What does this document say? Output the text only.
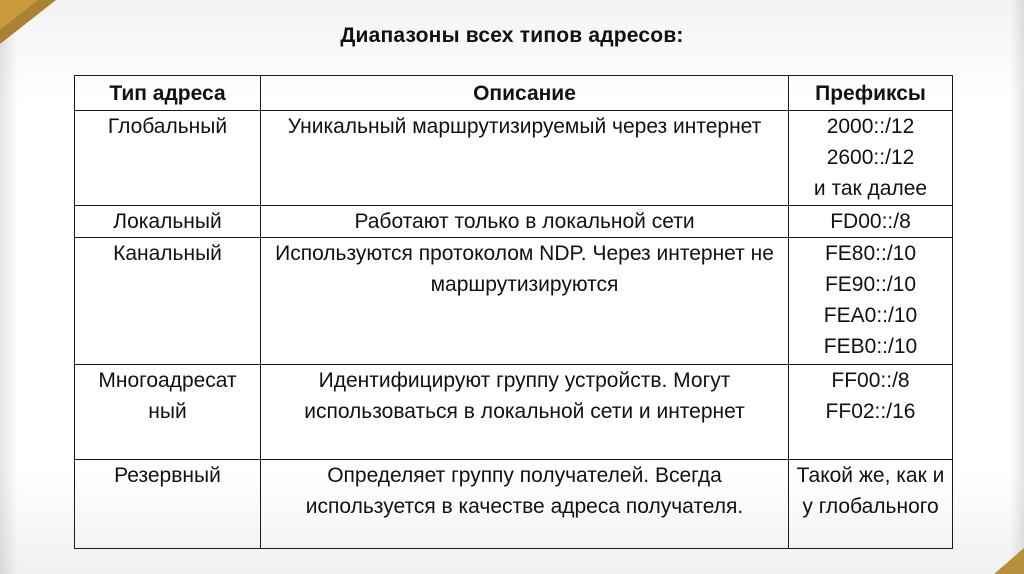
Диапазоны всех типов адресов:
Тип адреса	Описание	Префиксы
Глобальный	Уникальный маршрутизируемый через интернет	2000::/12
2600::/12
и так далее

Локальный	Работают только в локальной сети	FD00::/8

Канальный	Используются протоколом NDP. Через интернет не маршрутизируются	FE80::/10
FE90::/10
FEA0::/10
FEB0::/10

Многоадресат ный	Идентифицируют группу устройств. Могут использоваться в локальной сети и интернет	FF00::/8
FF02::/16

Резервный	Определяет группу получателей. Всегда используется в качестве адреса получателя.	Такой же, как и у глобального
